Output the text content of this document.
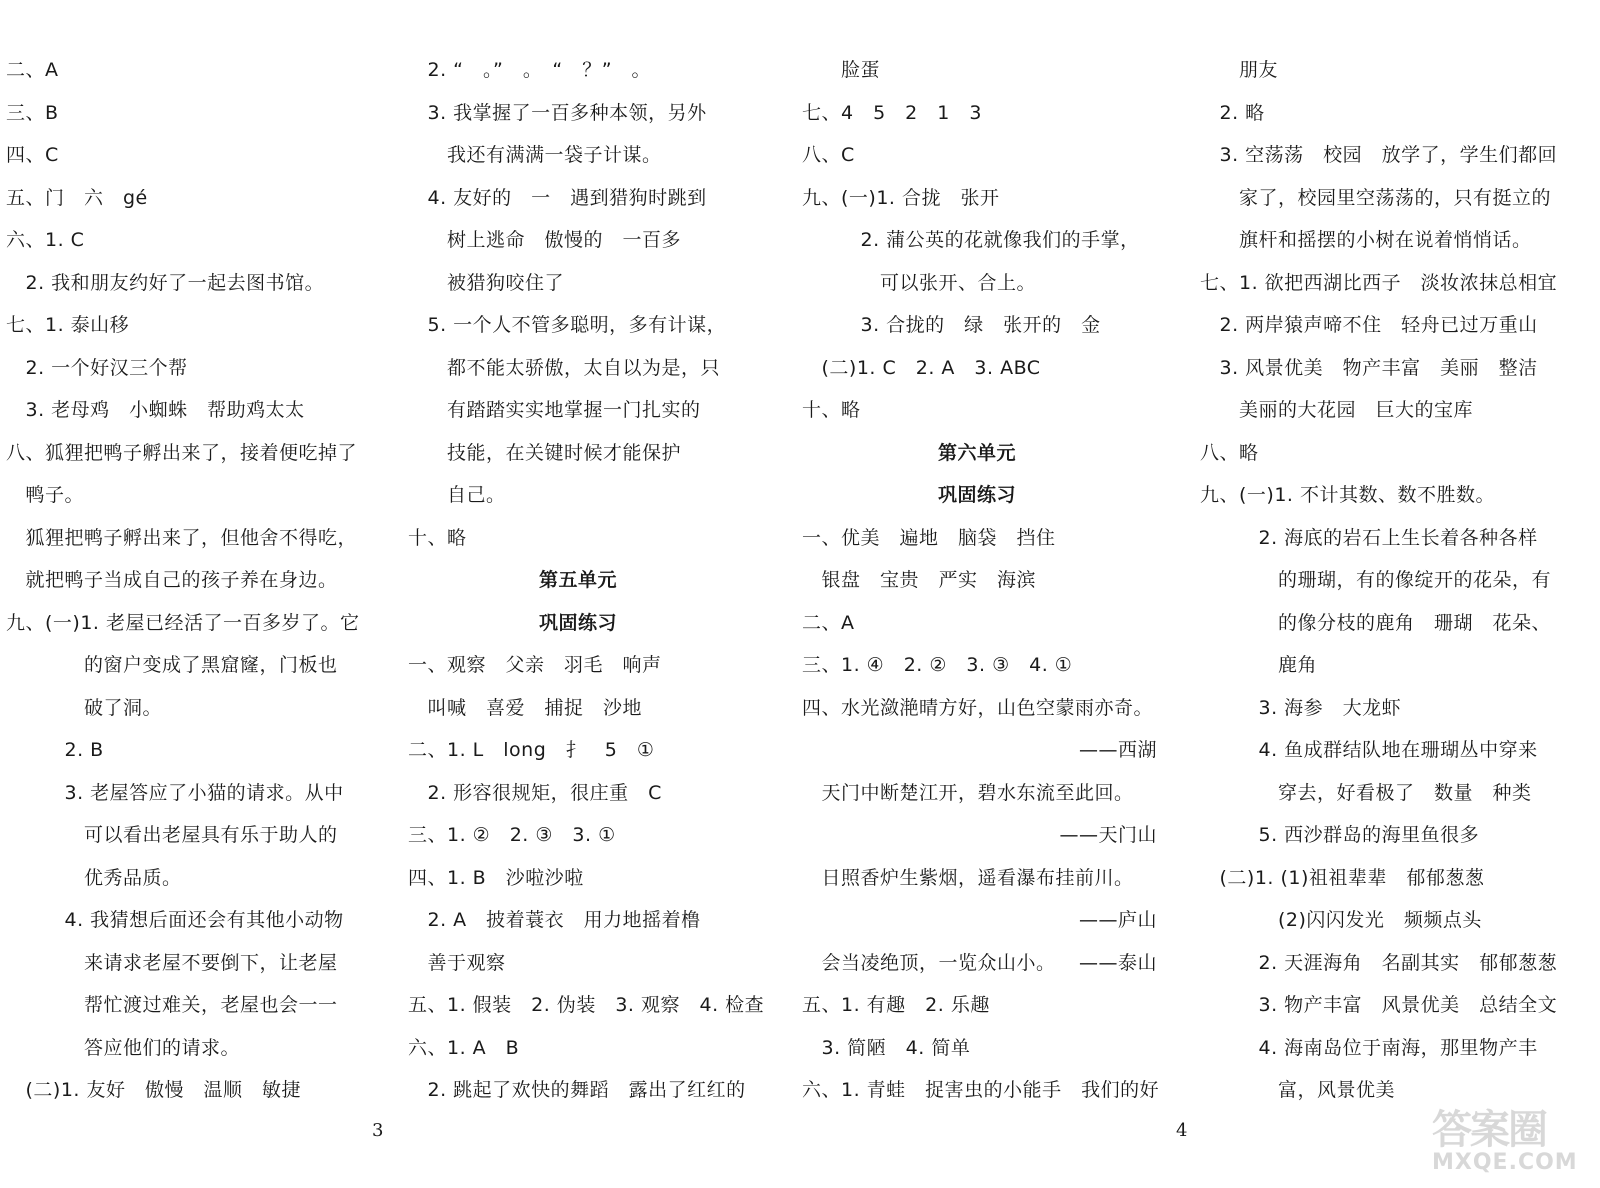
二、A
三、B
四、C
五、门　六　gé
六、1. C
　2. 我和朋友约好了一起去图书馆。
七、1. 泰山移
　2. 一个好汉三个帮
　3. 老母鸡　小蜘蛛　帮助鸡太太
八、狐狸把鸭子孵出来了，接着便吃掉了
　鸭子。
　狐狸把鸭子孵出来了，但他舍不得吃，
　就把鸭子当成自己的孩子养在身边。
九、(一)1. 老屋已经活了一百多岁了。它
　　　　的窗户变成了黑窟窿，门板也
　　　　破了洞。
　　　2. B
　　　3. 老屋答应了小猫的请求。从中
　　　　可以看出老屋具有乐于助人的
　　　　优秀品质。
　　　4. 我猜想后面还会有其他小动物
　　　　来请求老屋不要倒下，让老屋
　　　　帮忙渡过难关，老屋也会一一
　　　　答应他们的请求。
　(二)1. 友好　傲慢　温顺　敏捷
　2. “　。”　。　“　？”　。
　3. 我掌握了一百多种本领，另外
　　我还有满满一袋子计谋。
　4. 友好的　一　遇到猎狗时跳到
　　树上逃命　傲慢的　一百多
　　被猎狗咬住了
　5. 一个人不管多聪明，多有计谋，
　　都不能太骄傲，太自以为是，只
　　有踏踏实实地掌握一门扎实的
　　技能，在关键时候才能保护
　　自己。
十、略
第五单元
巩固练习
一、观察　父亲　羽毛　响声
　叫喊　喜爱　捕捉　沙地
二、1. L　long　扌　5　①
　2. 形容很规矩，很庄重　C
三、1. ②　2. ③　3. ①
四、1. B　沙啦沙啦
　2. A　披着蓑衣　用力地摇着橹
　善于观察
五、1. 假装　2. 伪装　3. 观察　4. 检查
六、1. A　B
　2. 跳起了欢快的舞蹈　露出了红红的
　　脸蛋
七、4　5　2　1　3
八、C
九、(一)1. 合拢　张开
　　　2. 蒲公英的花就像我们的手掌，
　　　　可以张开、合上。
　　　3. 合拢的　绿　张开的　金
　(二)1. C　2. A　3. ABC
十、略
第六单元
巩固练习
一、优美　遍地　脑袋　挡住
　银盘　宝贵　严实　海滨
二、A
三、1. ④　2. ②　3. ③　4. ①
四、水光潋滟晴方好，山色空蒙雨亦奇。
——西湖
　天门中断楚江开，碧水东流至此回。
——天门山
　日照香炉生紫烟，遥看瀑布挂前川。
——庐山
　会当凌绝顶，一览众山小。	——泰山
五、1. 有趣　2. 乐趣
　3. 简陋　4. 简单
六、1. 青蛙　捉害虫的小能手　我们的好
　　朋友
　2. 略
　3. 空荡荡　校园　放学了，学生们都回
　　家了，校园里空荡荡的，只有挺立的
　　旗杆和摇摆的小树在说着悄悄话。
七、1. 欲把西湖比西子　淡妆浓抹总相宜
　2. 两岸猿声啼不住　轻舟已过万重山
　3. 风景优美　物产丰富　美丽　整洁
　　美丽的大花园　巨大的宝库
八、略
九、(一)1. 不计其数、数不胜数。
　　　2. 海底的岩石上生长着各种各样
　　　　的珊瑚，有的像绽开的花朵，有
　　　　的像分枝的鹿角　珊瑚　花朵、
　　　　鹿角
　　　3. 海参　大龙虾
　　　4. 鱼成群结队地在珊瑚丛中穿来
　　　　穿去，好看极了　数量　种类
　　　5. 西沙群岛的海里鱼很多
　(二)1. (1)祖祖辈辈　郁郁葱葱
　　　　(2)闪闪发光　频频点头
　　　2. 天涯海角　名副其实　郁郁葱葱
　　　3. 物产丰富　风景优美　总结全文
　　　4. 海南岛位于南海，那里物产丰
　　　　富，风景优美
3	4	答案圈
MXQE.COM
